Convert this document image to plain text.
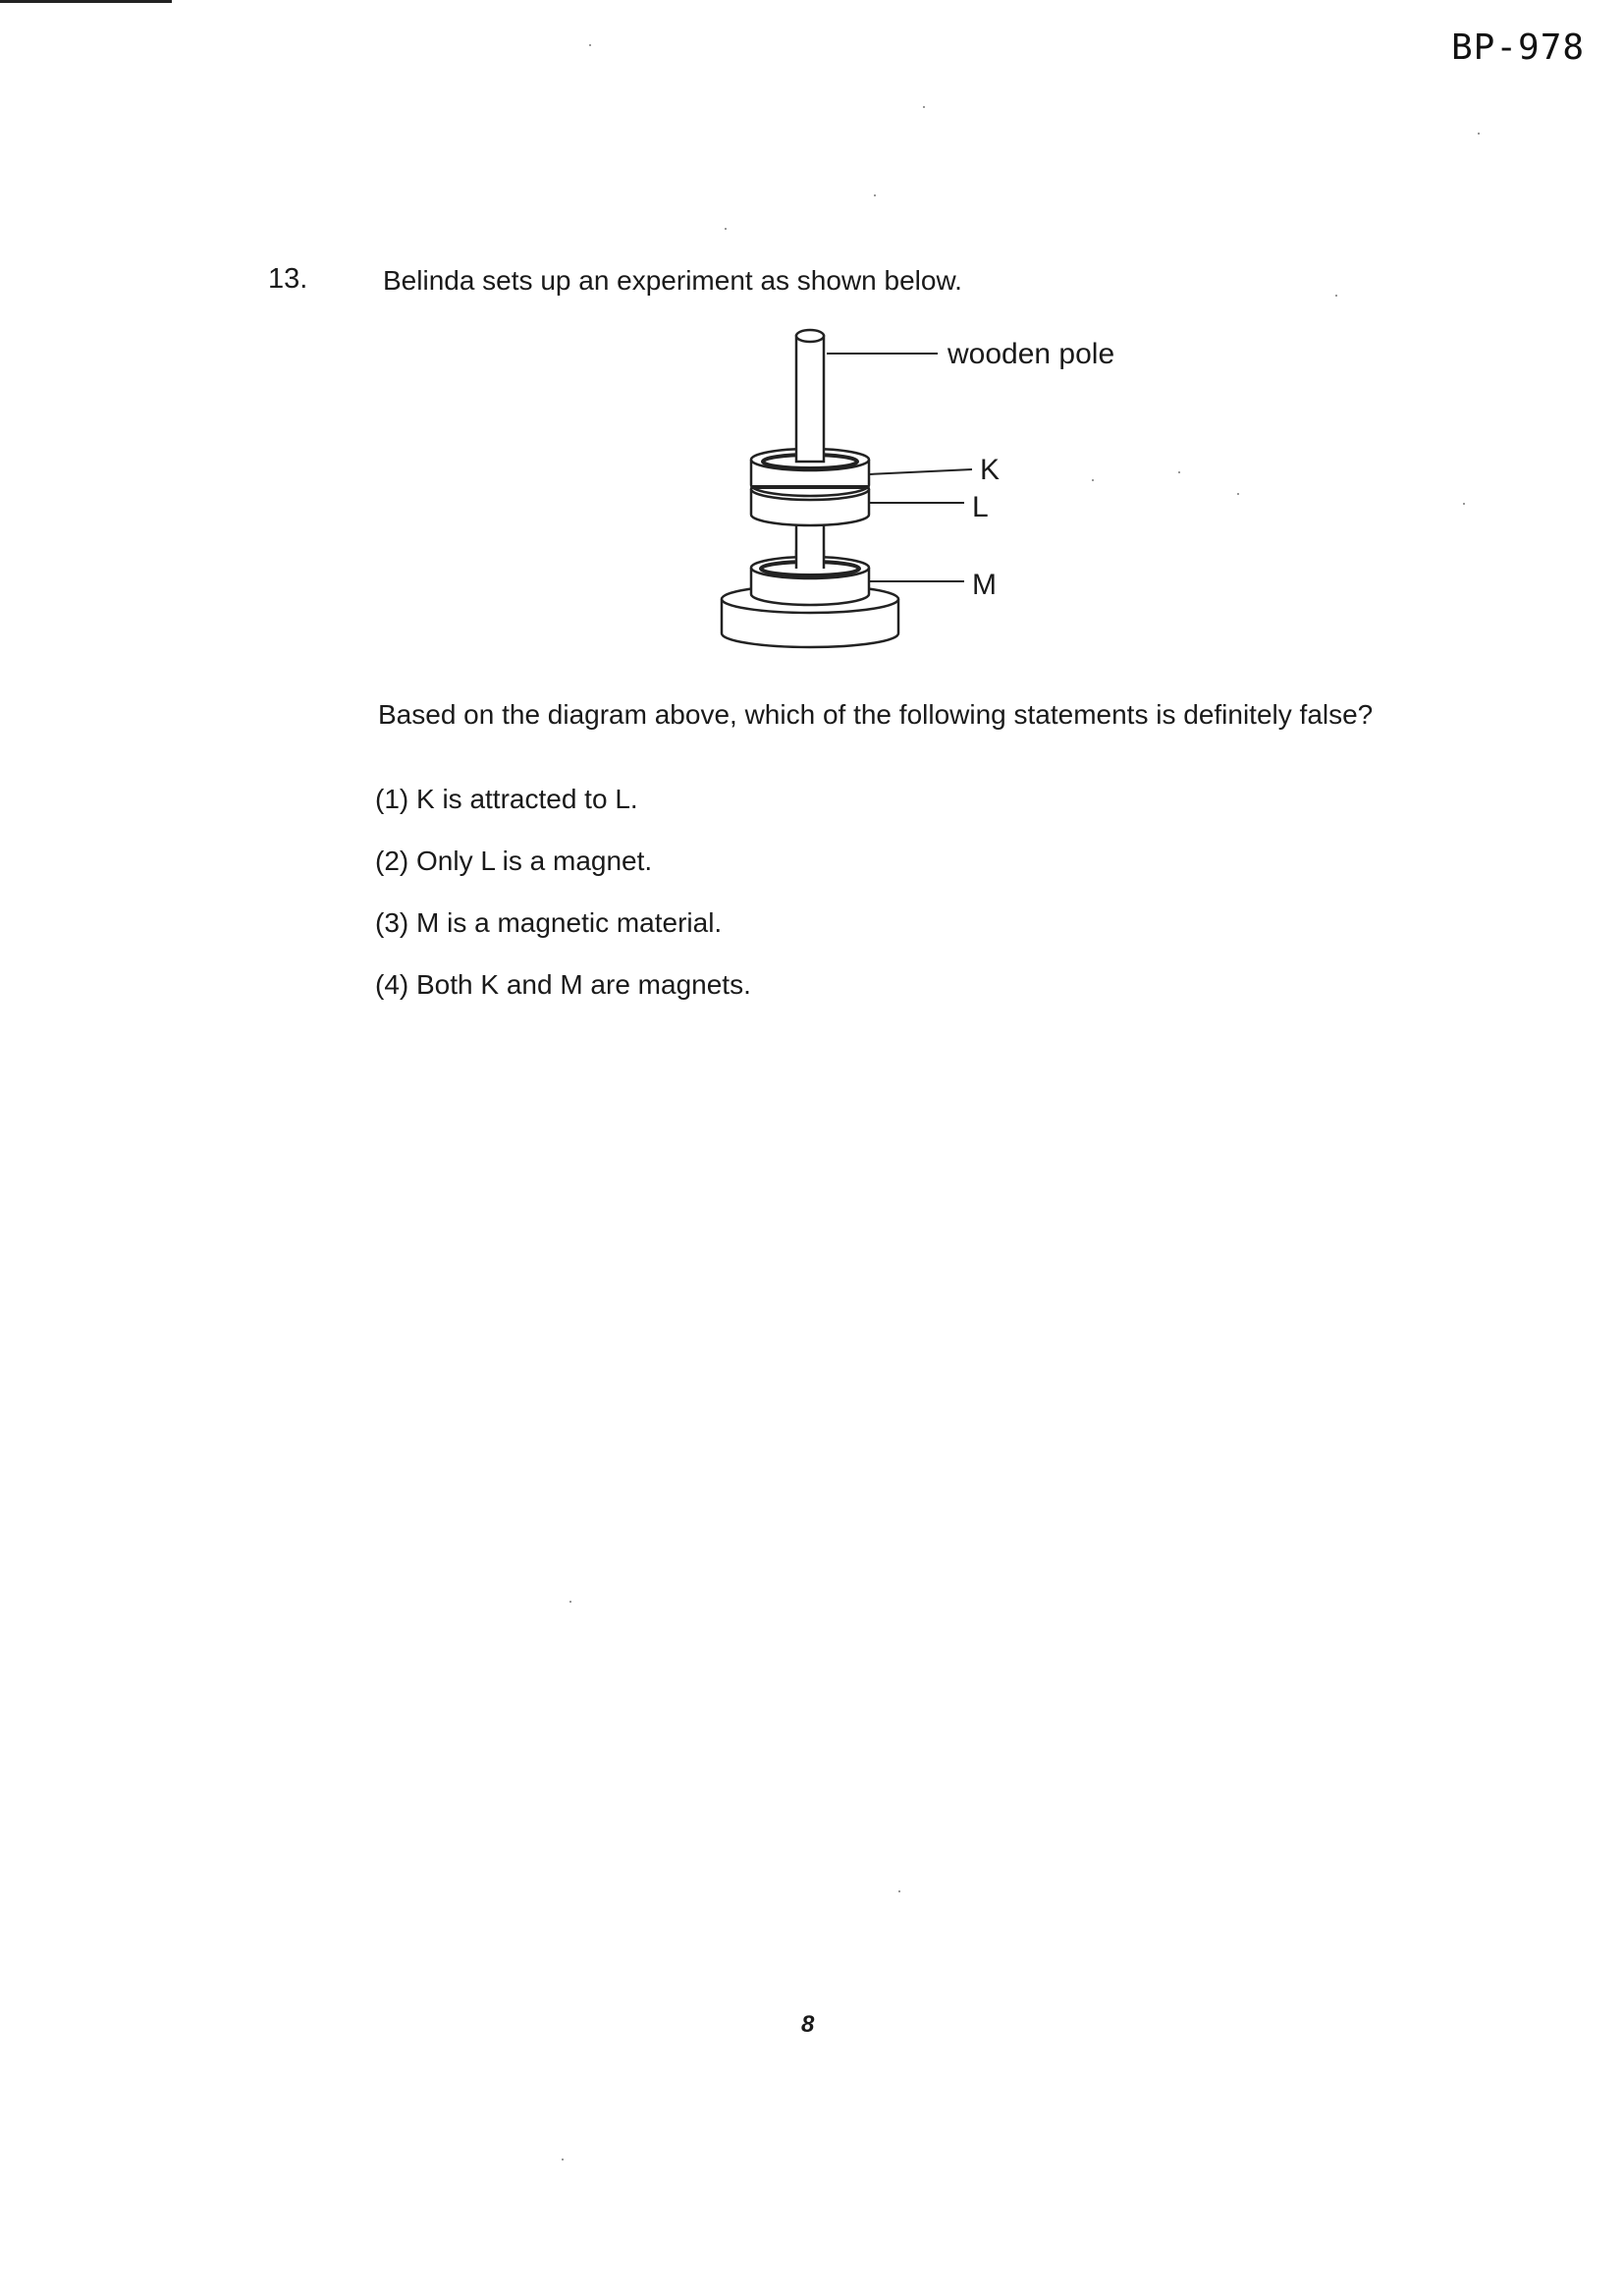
BP-978
13.	Belinda sets up an experiment as shown below.
wooden pole
K
L
M
Based on the diagram above, which of the following statements is definitely false?
(1) K is attracted to L.
(2) Only L is a magnet.
(3) M is a magnetic material.
(4) Both K and M are magnets.
8
